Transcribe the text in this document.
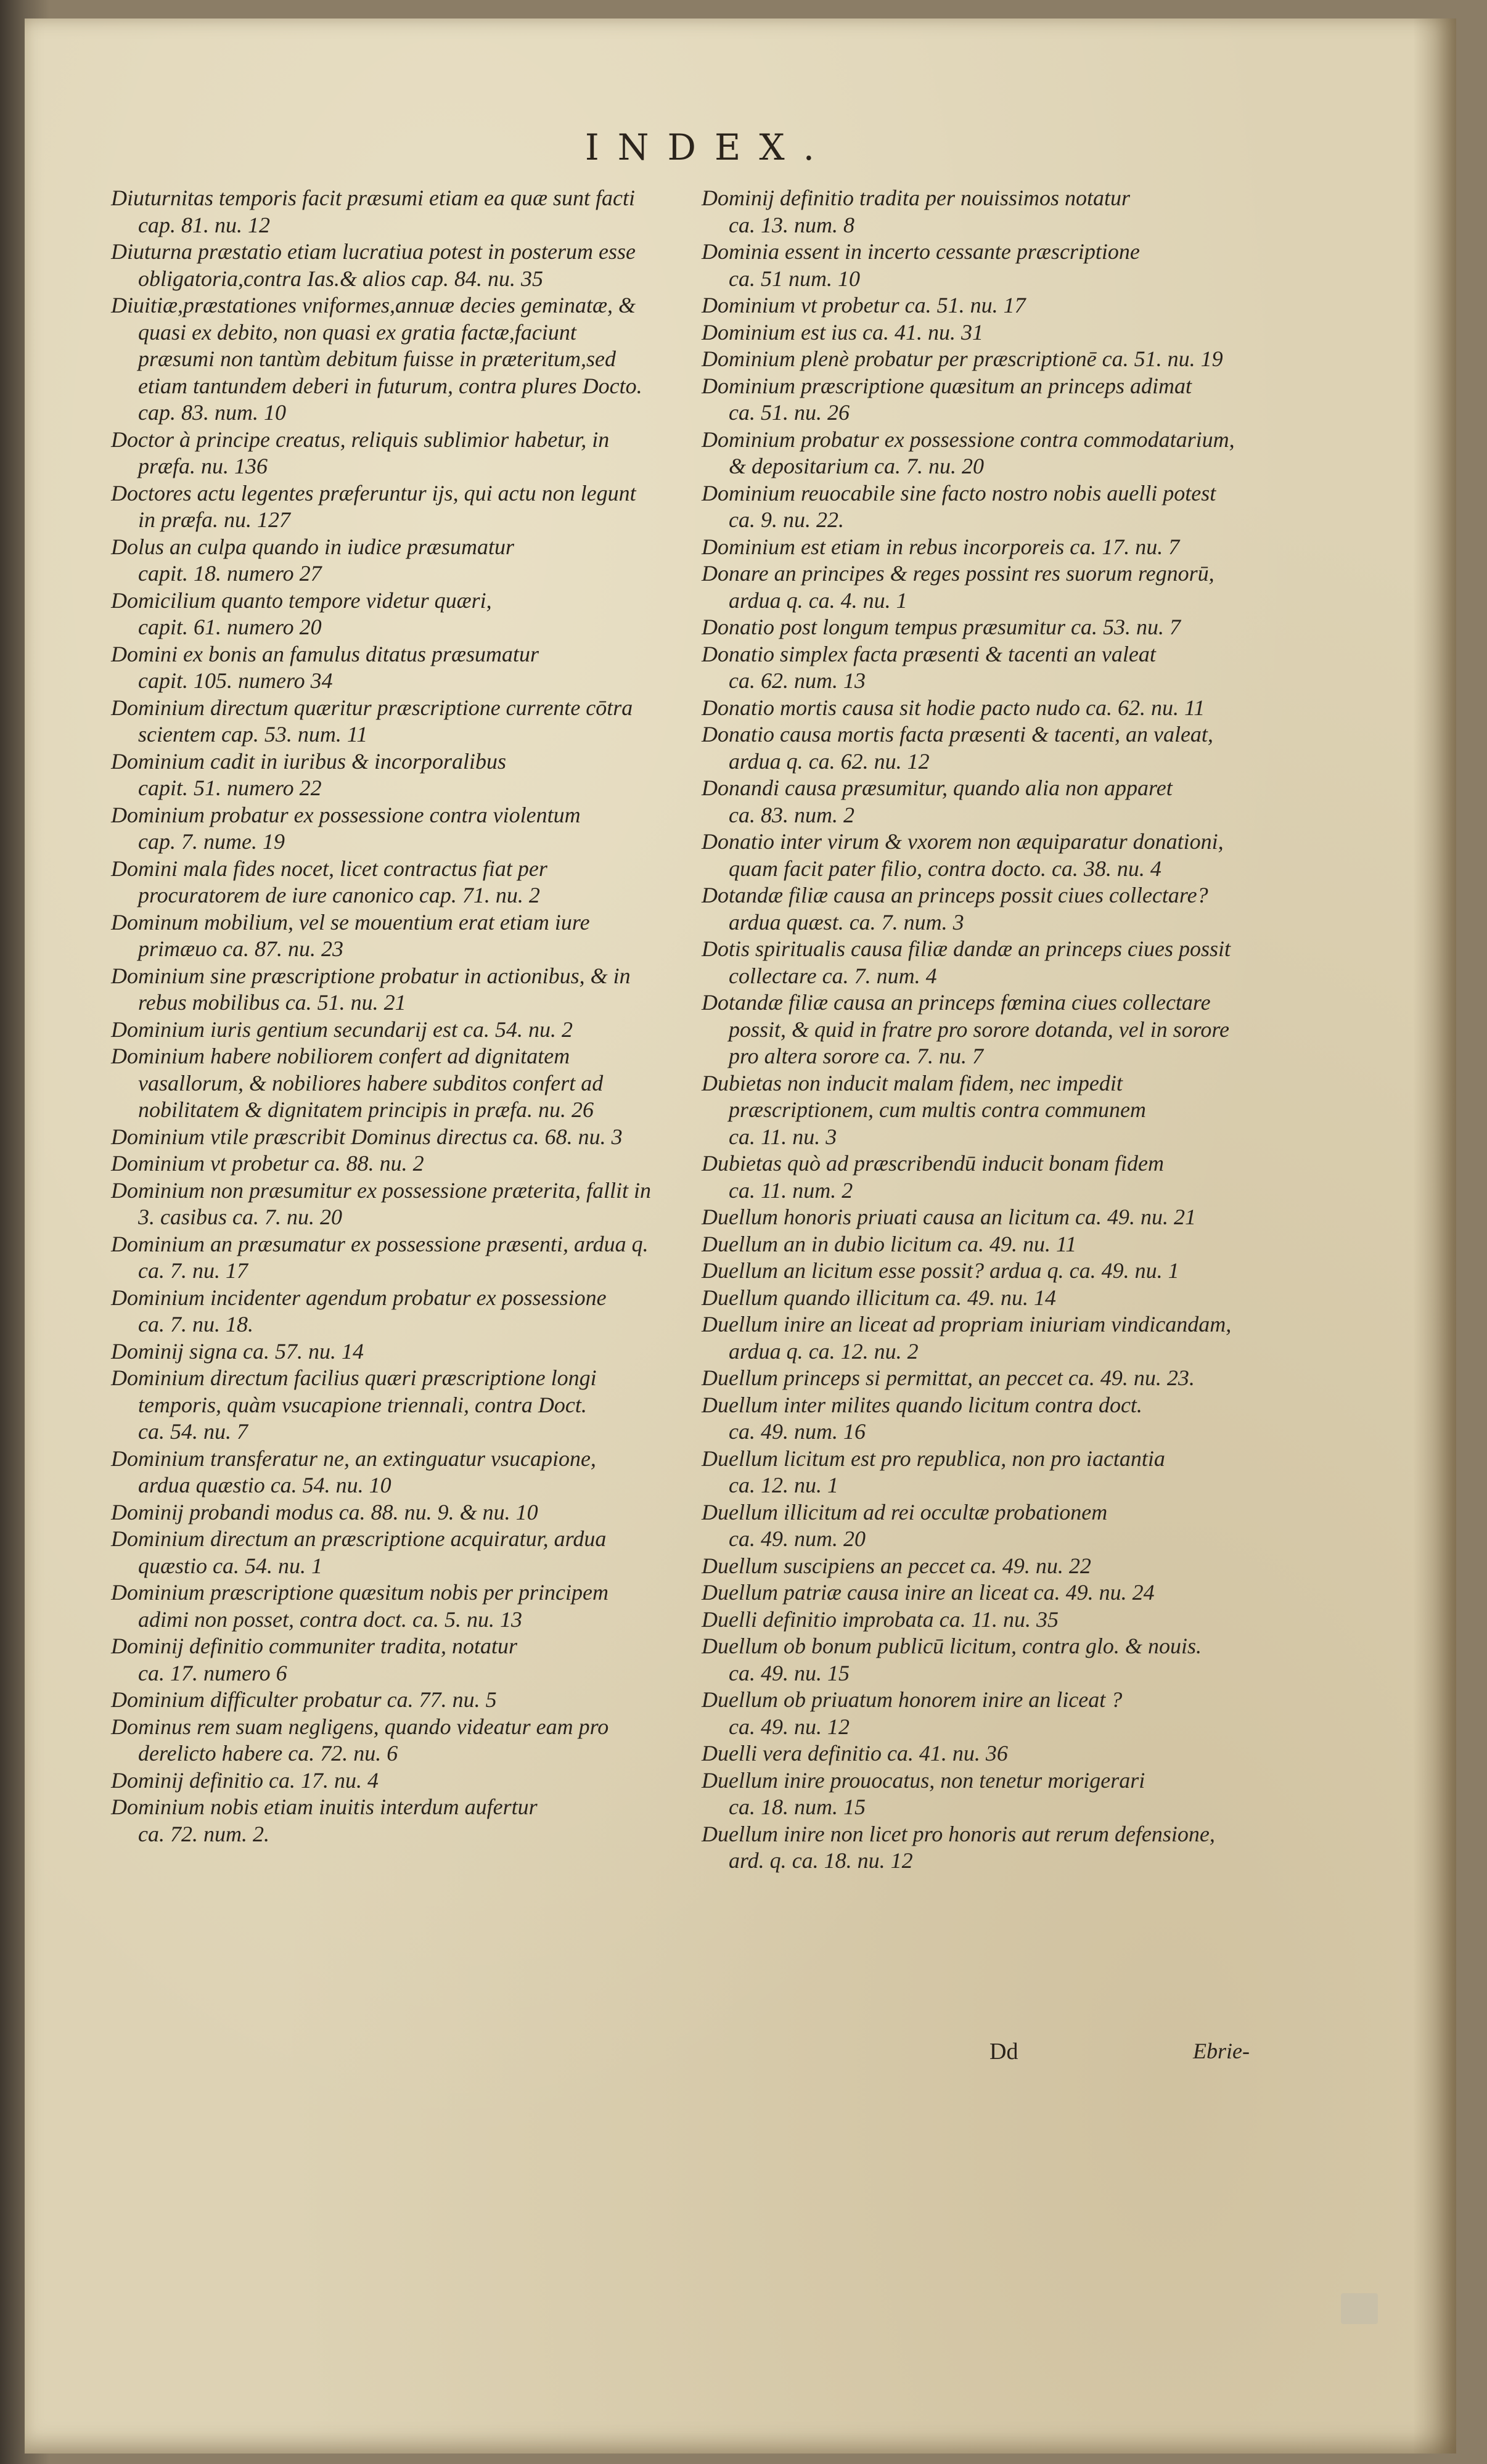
INDEX.

Diuturnitas temporis facit præsumi etiam ea quæ sunt facti cap. 81. nu. 12

Diuturna præstatio etiam lucratiua potest in posterum esse obligatoria,contra Ias.& alios cap. 84. nu. 35

Diuitiæ,præstationes vniformes,annuæ decies geminatæ, & quasi ex debito, non quasi ex gratia factæ,faciunt præsumi non tantùm debitum fuisse in præteritum,sed etiam tantundem deberi in futurum, contra plures Docto. cap. 83. num. 10

Doctor à principe creatus, reliquis sublimior habetur, in præfa. nu. 136

Doctores actu legentes præferuntur ijs, qui actu non legunt in præfa. nu. 127

Dolus an culpa quando in iudice præsumatur capit. 18. numero 27

Domicilium quanto tempore videtur quæri, capit. 61. numero 20

Domini ex bonis an famulus ditatus præsumatur capit. 105. numero 34

Dominium directum quæritur præscriptione currente cōtra scientem cap. 53. num. 11

Dominium cadit in iuribus & incorporalibus capit. 51. numero 22

Dominium probatur ex possessione contra violentum cap. 7. nume. 19

Domini mala fides nocet, licet contractus fiat per procuratorem de iure canonico cap. 71. nu. 2

Dominum mobilium, vel se mouentium erat etiam iure primæuo ca. 87. nu. 23

Dominium sine præscriptione probatur in actionibus, & in rebus mobilibus ca. 51. nu. 21

Dominium iuris gentium secundarij est ca. 54. nu. 2

Dominium habere nobiliorem confert ad dignitatem vasallorum, & nobiliores habere subditos confert ad nobilitatem & dignitatem principis in præfa. nu. 26

Dominium vtile præscribit Dominus directus ca. 68. nu. 3

Dominium vt probetur ca. 88. nu. 2

Dominium non præsumitur ex possessione præterita, fallit in 3. casibus ca. 7. nu. 20

Dominium an præsumatur ex possessione præsenti, ardua q. ca. 7. nu. 17

Dominium incidenter agendum probatur ex possessione ca. 7. nu. 18.

Dominij signa ca. 57. nu. 14

Dominium directum facilius quæri præscriptione longi temporis, quàm vsucapione triennali, contra Doct. ca. 54. nu. 7

Dominium transferatur ne, an extinguatur vsucapione, ardua quæstio ca. 54. nu. 10

Dominij probandi modus ca. 88. nu. 9. & nu. 10

Dominium directum an præscriptione acquiratur, ardua quæstio ca. 54. nu. 1

Dominium præscriptione quæsitum nobis per principem adimi non posset, contra doct. ca. 5. nu. 13

Dominij definitio communiter tradita, notatur ca. 17. numero 6

Dominium difficulter probatur ca. 77. nu. 5

Dominus rem suam negligens, quando videatur eam pro derelicto habere ca. 72. nu. 6

Dominij definitio ca. 17. nu. 4

Dominium nobis etiam inuitis interdum aufertur ca. 72. num. 2.

Dominij definitio tradita per nouissimos notatur ca. 13. num. 8

Dominia essent in incerto cessante præscriptione ca. 51 num. 10

Dominium vt probetur ca. 51. nu. 17

Dominium est ius ca. 41. nu. 31

Dominium plenè probatur per præscriptionē ca. 51. nu. 19

Dominium præscriptione quæsitum an princeps adimat ca. 51. nu. 26

Dominium probatur ex possessione contra commodatarium, & depositarium ca. 7. nu. 20

Dominium reuocabile sine facto nostro nobis auelli potest ca. 9. nu. 22.

Dominium est etiam in rebus incorporeis ca. 17. nu. 7

Donare an principes & reges possint res suorum regnorū, ardua q. ca. 4. nu. 1

Donatio post longum tempus præsumitur ca. 53. nu. 7

Donatio simplex facta præsenti & tacenti an valeat ca. 62. num. 13

Donatio mortis causa sit hodie pacto nudo ca. 62. nu. 11

Donatio causa mortis facta præsenti & tacenti, an valeat, ardua q. ca. 62. nu. 12

Donandi causa præsumitur, quando alia non apparet ca. 83. num. 2

Donatio inter virum & vxorem non æquiparatur donationi, quam facit pater filio, contra docto. ca. 38. nu. 4

Dotandæ filiæ causa an princeps possit ciues collectare? ardua quæst. ca. 7. num. 3

Dotis spiritualis causa filiæ dandæ an princeps ciues possit collectare ca. 7. num. 4

Dotandæ filiæ causa an princeps fœmina ciues collectare possit, & quid in fratre pro sorore dotanda, vel in sorore pro altera sorore ca. 7. nu. 7

Dubietas non inducit malam fidem, nec impedit præscriptionem, cum multis contra communem ca. 11. nu. 3

Dubietas quò ad præscribendū inducit bonam fidem ca. 11. num. 2

Duellum honoris priuati causa an licitum ca. 49. nu. 21

Duellum an in dubio licitum ca. 49. nu. 11

Duellum an licitum esse possit? ardua q. ca. 49. nu. 1

Duellum quando illicitum ca. 49. nu. 14

Duellum inire an liceat ad propriam iniuriam vindicandam, ardua q. ca. 12. nu. 2

Duellum princeps si permittat, an peccet ca. 49. nu. 23.

Duellum inter milites quando licitum contra doct. ca. 49. num. 16

Duellum licitum est pro republica, non pro iactantia ca. 12. nu. 1

Duellum illicitum ad rei occultæ probationem ca. 49. num. 20

Duellum suscipiens an peccet ca. 49. nu. 22

Duellum patriæ causa inire an liceat ca. 49. nu. 24

Duelli definitio improbata ca. 11. nu. 35

Duellum ob bonum publicū licitum, contra glo. & nouis. ca. 49. nu. 15

Duellum ob priuatum honorem inire an liceat ? ca. 49. nu. 12

Duelli vera definitio ca. 41. nu. 36

Duellum inire prouocatus, non tenetur morigerari ca. 18. num. 15

Duellum inire non licet pro honoris aut rerum defensione, ard. q. ca. 18. nu. 12

Dd	Ebrie-
